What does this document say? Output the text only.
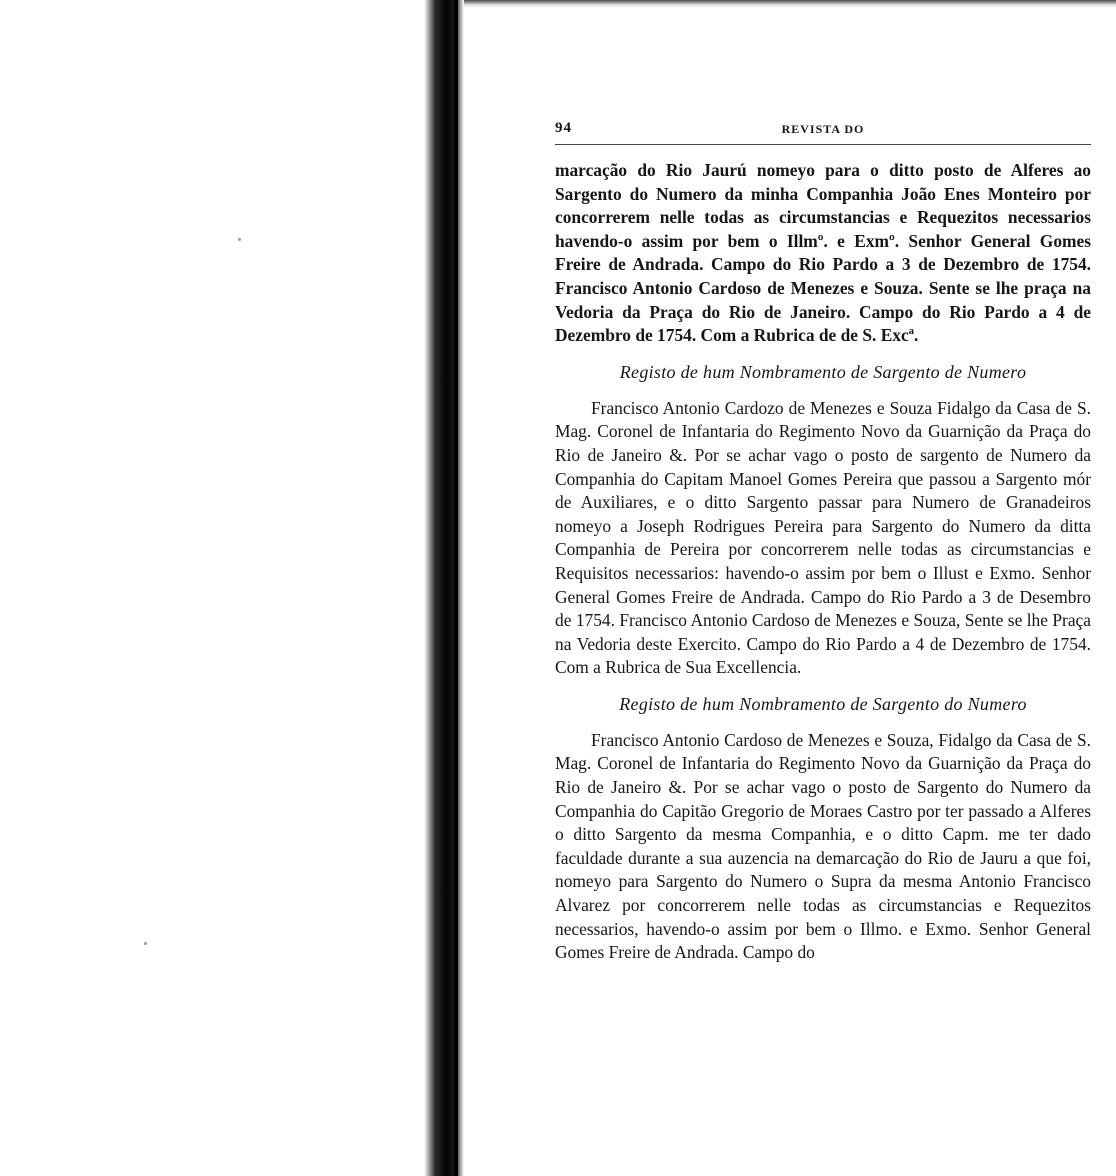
94	REVISTA DO

marcação do Rio Jaurú nomeyo para o ditto posto de Alferes ao Sargento do Numero da minha Companhia João Enes Monteiro por concorrerem nelle todas as circumstancias e Requezitos necessarios havendo-o assim por bem o Illmº. e Exmº. Senhor General Gomes Freire de Andrada. Campo do Rio Pardo a 3 de Dezembro de 1754. Francisco Antonio Cardoso de Menezes e Souza. Sente se lhe praça na Vedoria da Praça do Rio de Janeiro. Campo do Rio Pardo a 4 de Dezembro de 1754. Com a Rubrica de de S. Excª.

Registo de hum Nombramento de Sargento de Numero

Francisco Antonio Cardozo de Menezes e Souza Fidalgo da Casa de S. Mag. Coronel de Infantaria do Regimento Novo da Guarnição da Praça do Rio de Janeiro &. Por se achar vago o posto de sargento de Numero da Companhia do Capitam Manoel Gomes Pereira que passou a Sargento mór de Auxiliares, e o ditto Sargento passar para Numero de Granadeiros nomeyo a Joseph Rodrigues Pereira para Sargento do Numero da ditta Companhia de Pereira por concorrerem nelle todas as circumstancias e Requisitos necessarios: havendo-o assim por bem o Illust e Exmo. Senhor General Gomes Freire de Andrada. Campo do Rio Pardo a 3 de Desembro de 1754. Francisco Antonio Cardoso de Menezes e Souza, Sente se lhe Praça na Vedoria deste Exercito. Campo do Rio Pardo a 4 de Dezembro de 1754. Com a Rubrica de Sua Excellencia.

Registo de hum Nombramento de Sargento do Numero

Francisco Antonio Cardoso de Menezes e Souza, Fidalgo da Casa de S. Mag. Coronel de Infantaria do Regimento Novo da Guarnição da Praça do Rio de Janeiro &. Por se achar vago o posto de Sargento do Numero da Companhia do Capitão Gregorio de Moraes Castro por ter passado a Alferes o ditto Sargento da mesma Companhia, e o ditto Capm. me ter dado faculdade durante a sua auzencia na demarcação do Rio de Jauru a que foi, nomeyo para Sargento do Numero o Supra da mesma Antonio Francisco Alvarez por concorrerem nelle todas as circumstancias e Requezitos necessarios, havendo-o assim por bem o Illmo. e Exmo. Senhor General Gomes Freire de Andrada. Campo do
